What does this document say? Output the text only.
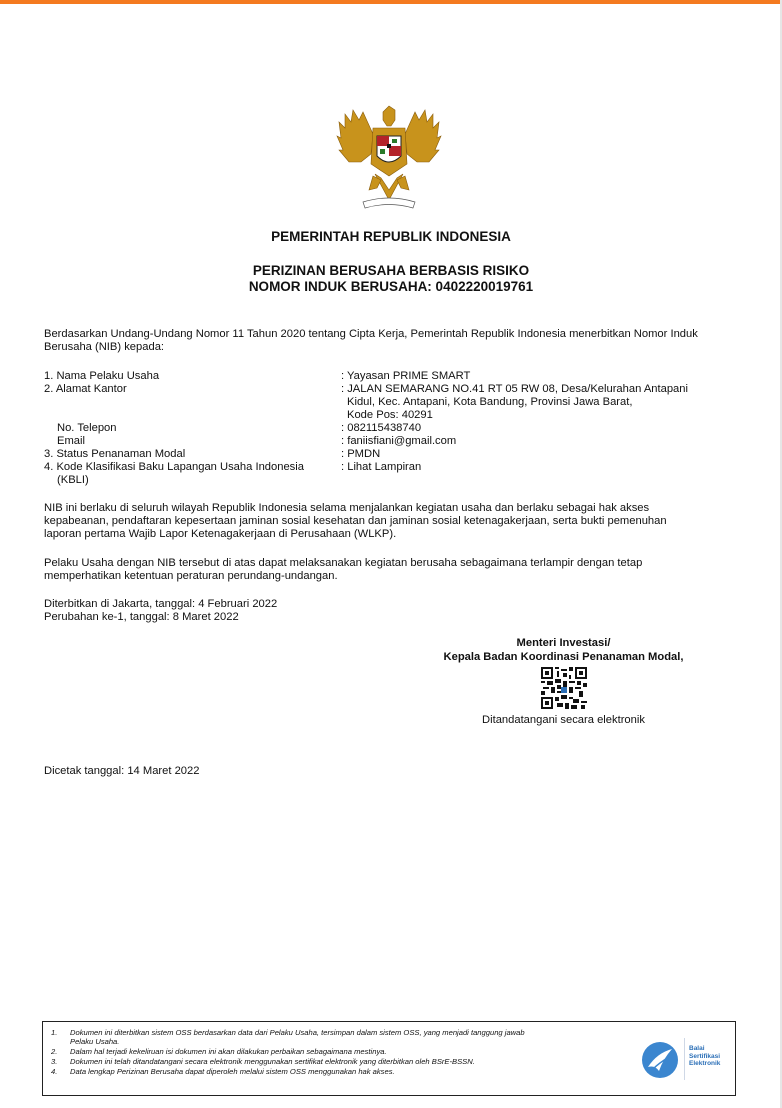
PEMERINTAH REPUBLIK INDONESIA
PERIZINAN BERUSAHA BERBASIS RISIKO
NOMOR INDUK BERUSAHA: 0402220019761
Berdasarkan Undang-Undang Nomor 11 Tahun 2020 tentang Cipta Kerja, Pemerintah Republik Indonesia menerbitkan Nomor Induk
Berusaha (NIB) kepada:
1. Nama Pelaku Usaha	: Yayasan PRIME SMART
2. Alamat Kantor	: JALAN SEMARANG NO.41 RT 05 RW 08, Desa/Kelurahan Antapani
Kidul, Kec. Antapani, Kota Bandung, Provinsi Jawa Barat,
Kode Pos: 40291
No. Telepon	: 082115438740
Email	: faniisfiani@gmail.com
3. Status Penanaman Modal	: PMDN
4. Kode Klasifikasi Baku Lapangan Usaha Indonesia	: Lihat Lampiran
(KBLI)
NIB ini berlaku di seluruh wilayah Republik Indonesia selama menjalankan kegiatan usaha dan berlaku sebagai hak akses
kepabeanan, pendaftaran kepesertaan jaminan sosial kesehatan dan jaminan sosial ketenagakerjaan, serta bukti pemenuhan
laporan pertama Wajib Lapor Ketenagakerjaan di Perusahaan (WLKP).
Pelaku Usaha dengan NIB tersebut di atas dapat melaksanakan kegiatan berusaha sebagaimana terlampir dengan tetap
memperhatikan ketentuan peraturan perundang-undangan.
Diterbitkan di Jakarta, tanggal: 4 Februari 2022
Perubahan ke-1, tanggal: 8 Maret 2022
Menteri Investasi/
Kepala Badan Koordinasi Penanaman Modal,
Ditandatangani secara elektronik
Dicetak tanggal: 14 Maret 2022
1. Dokumen ini diterbitkan sistem OSS berdasarkan data dari Pelaku Usaha, tersimpan dalam sistem OSS, yang menjadi tanggung jawab
Pelaku Usaha.
2. Dalam hal terjadi kekeliruan isi dokumen ini akan dilakukan perbaikan sebagaimana mestinya.
3. Dokumen ini telah ditandatangani secara elektronik menggunakan sertifikat elektronik yang diterbitkan oleh BSrE-BSSN.
4. Data lengkap Perizinan Berusaha dapat diperoleh melalui sistem OSS menggunakan hak akses.
Balai
Sertifikasi
Elektronik
